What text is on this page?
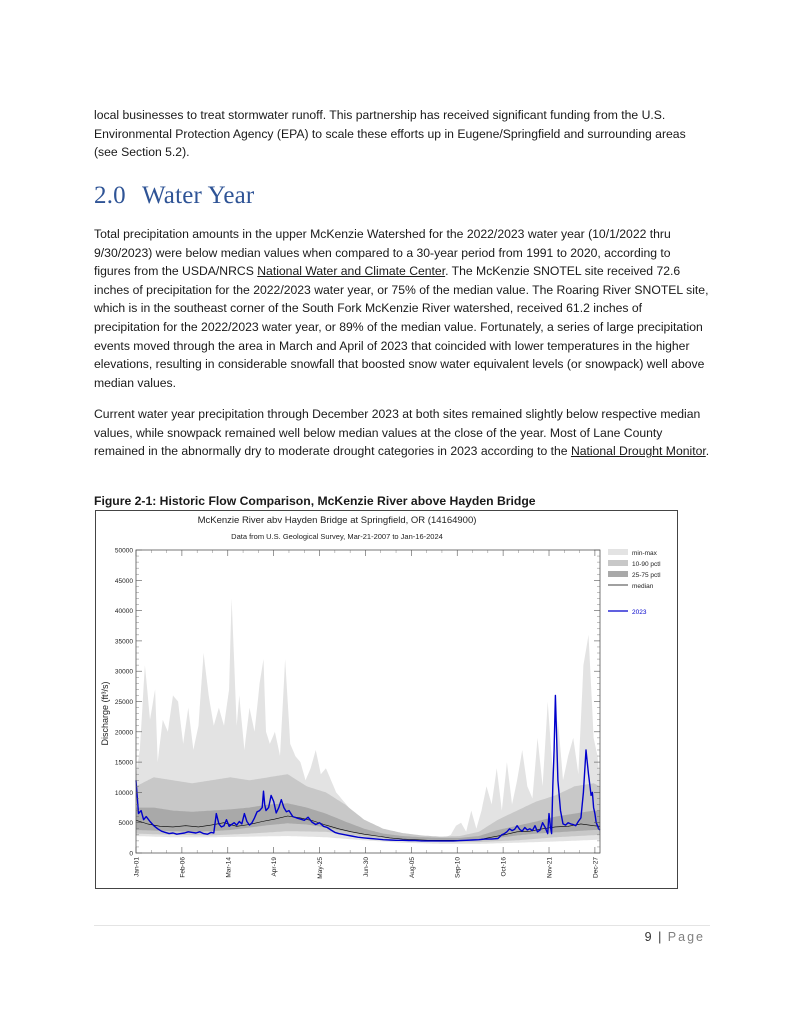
local businesses to treat stormwater runoff. This partnership has received significant funding from the U.S. Environmental Protection Agency (EPA) to scale these efforts up in Eugene/Springfield and surrounding areas (see Section 5.2).

2.0 Water Year

Total precipitation amounts in the upper McKenzie Watershed for the 2022/2023 water year (10/1/2022 thru 9/30/2023) were below median values when compared to a 30-year period from 1991 to 2020, according to figures from the USDA/NRCS National Water and Climate Center. The McKenzie SNOTEL site received 72.6 inches of precipitation for the 2022/2023 water year, or 75% of the median value. The Roaring River SNOTEL site, which is in the southeast corner of the South Fork McKenzie River watershed, received 61.2 inches of precipitation for the 2022/2023 water year, or 89% of the median value. Fortunately, a series of large precipitation events moved through the area in March and April of 2023 that coincided with lower temperatures in the higher elevations, resulting in considerable snowfall that boosted snow water equivalent levels (or snowpack) well above median values.

Current water year precipitation through December 2023 at both sites remained slightly below respective median values, while snowpack remained well below median values at the close of the year. Most of Lane County remained in the abnormally dry to moderate drought categories in 2023 according to the National Drought Monitor.

Figure 2-1: Historic Flow Comparison, McKenzie River above Hayden Bridge

McKenzie River abv Hayden Bridge at Springfield, OR (14164900)
Data from U.S. Geological Survey, Mar-21-2007 to Jan-16-2024
0
5000
10000
15000
20000
25000
30000
35000
40000
45000
50000
Jan-01	Feb-06	Mar-14	Apr-19	May-25	Jun-30	Aug-05	Sep-10	Oct-16	Nov-21	Dec-27
Discharge (ft³/s)
min-max
10-90 pctl
25-75 pctl
median
2023
9 | Page
